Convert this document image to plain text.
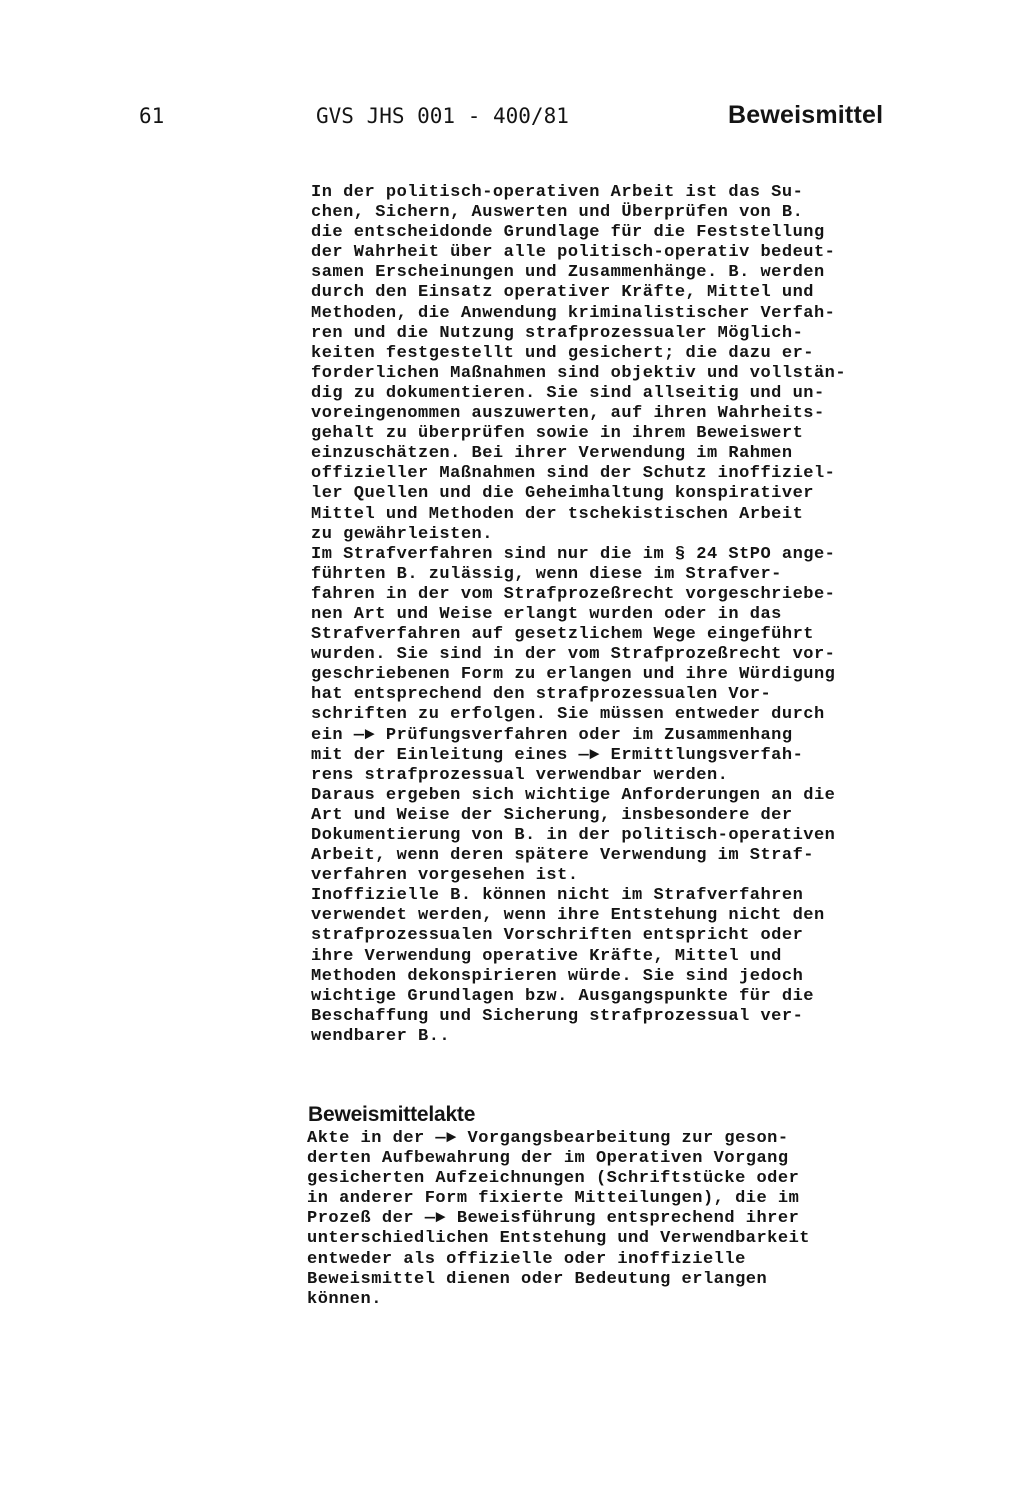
61	GVS JHS 001 - 400/81	Beweismittel
In der politisch-operativen Arbeit ist das Su-
chen, Sichern, Auswerten und Überprüfen von B.
die entscheidonde Grundlage für die Feststellung
der Wahrheit über alle politisch-operativ bedeut-
samen Erscheinungen und Zusammenhänge. B. werden
durch den Einsatz operativer Kräfte, Mittel und
Methoden, die Anwendung kriminalistischer Verfah-
ren und die Nutzung strafprozessualer Möglich-
keiten festgestellt und gesichert; die dazu er-
forderlichen Maßnahmen sind objektiv und vollstän-
dig zu dokumentieren. Sie sind allseitig und un-
voreingenommen auszuwerten, auf ihren Wahrheits-
gehalt zu überprüfen sowie in ihrem Beweiswert
einzuschätzen. Bei ihrer Verwendung im Rahmen
offizieller Maßnahmen sind der Schutz inoffiziel-
ler Quellen und die Geheimhaltung konspirativer
Mittel und Methoden der tschekistischen Arbeit
zu gewährleisten.
Im Strafverfahren sind nur die im § 24 StPO ange-
führten B. zulässig, wenn diese im Strafver-
fahren in der vom Strafprozeßrecht vorgeschriebe-
nen Art und Weise erlangt wurden oder in das
Strafverfahren auf gesetzlichem Wege eingeführt
wurden. Sie sind in der vom Strafprozeßrecht vor-
geschriebenen Form zu erlangen und ihre Würdigung
hat entsprechend den strafprozessualen Vor-
schriften zu erfolgen. Sie müssen entweder durch
ein —► Prüfungsverfahren oder im Zusammenhang
mit der Einleitung eines —► Ermittlungsverfah-
rens strafprozessual verwendbar werden.
Daraus ergeben sich wichtige Anforderungen an die
Art und Weise der Sicherung, insbesondere der
Dokumentierung von B. in der politisch-operativen
Arbeit, wenn deren spätere Verwendung im Straf-
verfahren vorgesehen ist.
Inoffizielle B. können nicht im Strafverfahren
verwendet werden, wenn ihre Entstehung nicht den
strafprozessualen Vorschriften entspricht oder
ihre Verwendung operative Kräfte, Mittel und
Methoden dekonspirieren würde. Sie sind jedoch
wichtige Grundlagen bzw. Ausgangspunkte für die
Beschaffung und Sicherung strafprozessual ver-
wendbarer B..
Beweismittelakte
Akte in der —► Vorgangsbearbeitung zur geson-
derten Aufbewahrung der im Operativen Vorgang
gesicherten Aufzeichnungen (Schriftstücke oder
in anderer Form fixierte Mitteilungen), die im
Prozeß der —► Beweisführung entsprechend ihrer
unterschiedlichen Entstehung und Verwendbarkeit
entweder als offizielle oder inoffizielle
Beweismittel dienen oder Bedeutung erlangen
können.
